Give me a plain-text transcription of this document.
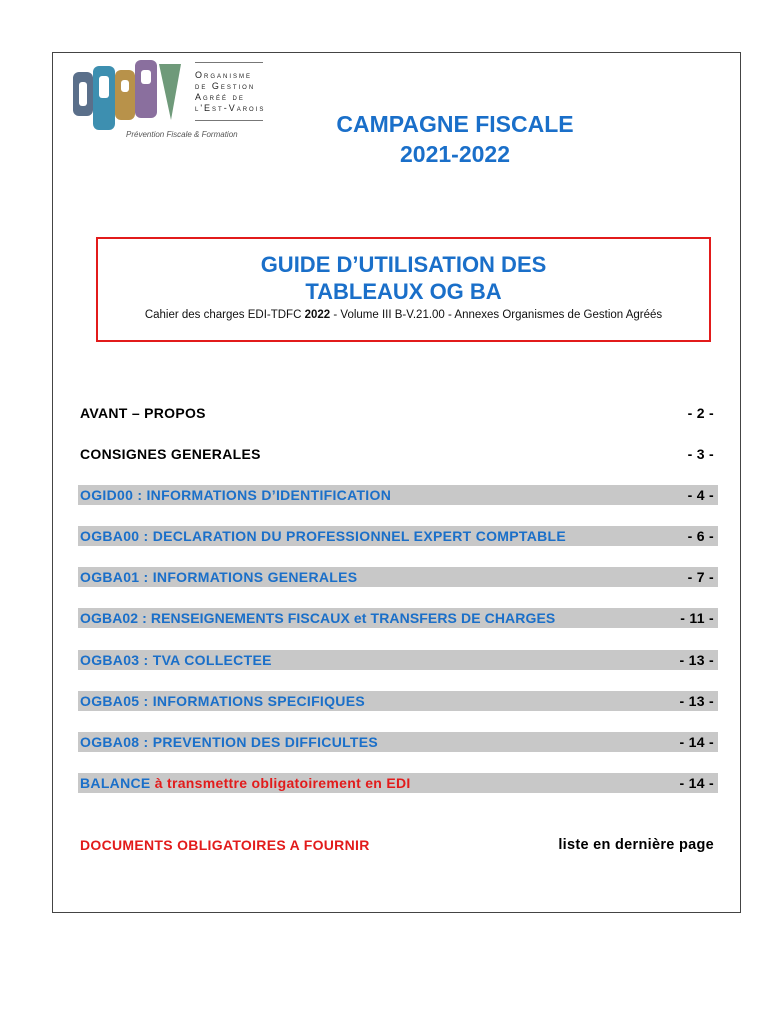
Organisme
de Gestion
Agréé de
l'Est-Varois
Prévention Fiscale & Formation	CAMPAGNE FISCALE
2021-2022
GUIDE D’UTILISATION DES
TABLEAUX OG BA
Cahier des charges EDI-TDFC 2022 - Volume III B-V.21.00 - Annexes Organismes de Gestion Agréés
AVANT – PROPOS	- 2 -
CONSIGNES GENERALES	- 3 -
OGID00 : INFORMATIONS D’IDENTIFICATION	- 4 -
OGBA00 : DECLARATION DU PROFESSIONNEL EXPERT COMPTABLE	- 6 -
OGBA01 : INFORMATIONS GENERALES	- 7 -
OGBA02 : RENSEIGNEMENTS FISCAUX et TRANSFERS DE CHARGES	- 11 -
OGBA03 : TVA COLLECTEE	- 13 -
OGBA05 : INFORMATIONS SPECIFIQUES	- 13 -
OGBA08 : PREVENTION DES DIFFICULTES	- 14 -
BALANCE à transmettre obligatoirement en EDI	- 14 -
DOCUMENTS OBLIGATOIRES A FOURNIR	liste en dernière page
